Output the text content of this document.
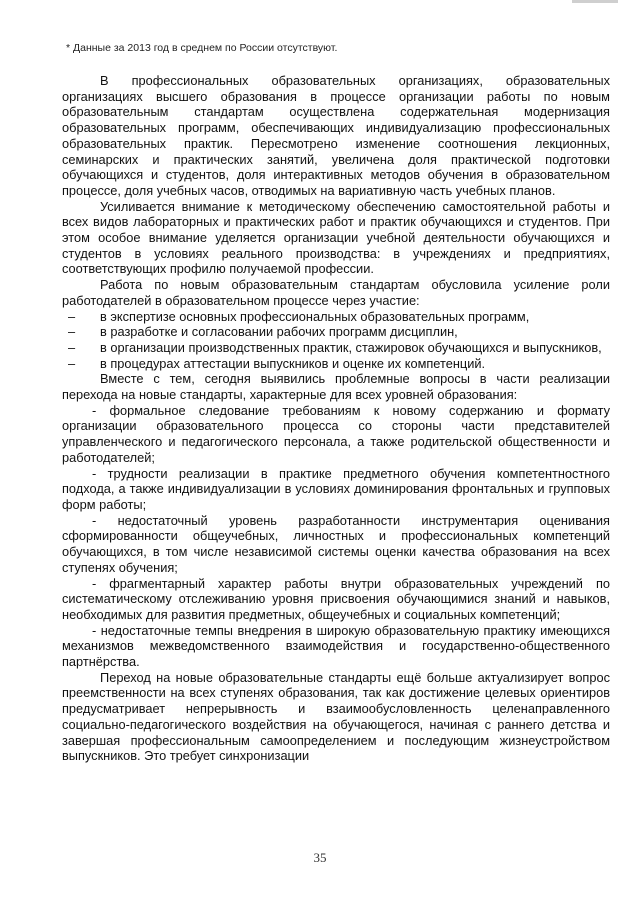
* Данные за 2013 год в среднем по России отсутствуют.

В профессиональных образовательных организациях, образовательных организациях высшего образования в процессе организации работы по новым образовательным стандартам осуществлена содержательная модернизация образовательных программ, обеспечивающих индивидуализацию профессиональных образовательных практик. Пересмотрено изменение соотношения лекционных, семинарских и практических занятий, увеличена доля практической подготовки обучающихся и студентов, доля интерактивных методов обучения в образовательном процессе, доля учебных часов, отводимых на вариативную часть учебных планов.

Усиливается внимание к методическому обеспечению самостоятельной работы и всех видов лабораторных и практических работ и практик обучающихся и студентов. При этом особое внимание уделяется организации учебной деятельности обучающихся и студентов в условиях реального производства: в учреждениях и предприятиях, соответствующих профилю получаемой профессии.

Работа по новым образовательным стандартам обусловила усиление роли работодателей в образовательном процессе через участие:

– в экспертизе основных профессиональных образовательных программ,
– в разработке и согласовании рабочих программ дисциплин,
– в организации производственных практик, стажировок обучающихся и выпускников,
– в процедурах аттестации выпускников и оценке их компетенций.

Вместе с тем, сегодня выявились проблемные вопросы в части реализации перехода на новые стандарты, характерные для всех уровней образования:

- формальное следование требованиям к новому содержанию и формату организации образовательного процесса со стороны части представителей управленческого и педагогического персонала, а также родительской общественности и работодателей;

- трудности реализации в практике предметного обучения компетентностного подхода, а также индивидуализации в условиях доминирования фронтальных и групповых форм работы;

- недостаточный уровень разработанности инструментария оценивания сформированности общеучебных, личностных и профессиональных компетенций обучающихся, в том числе независимой системы оценки качества образования на всех ступенях обучения;

- фрагментарный характер работы внутри образовательных учреждений по систематическому отслеживанию уровня присвоения обучающимися знаний и навыков, необходимых для развития предметных, общеучебных и социальных компетенций;

- недостаточные темпы внедрения в широкую образовательную практику имеющихся механизмов межведомственного взаимодействия и государственно-общественного партнёрства.

Переход на новые образовательные стандарты ещё больше актуализирует вопрос преемственности на всех ступенях образования, так как достижение целевых ориентиров предусматривает непрерывность и взаимообусловленность целенаправленного социально-педагогического воздействия на обучающегося, начиная с раннего детства и завершая профессиональным самоопределением и последующим жизнеустройством выпускников. Это требует синхронизации

35
